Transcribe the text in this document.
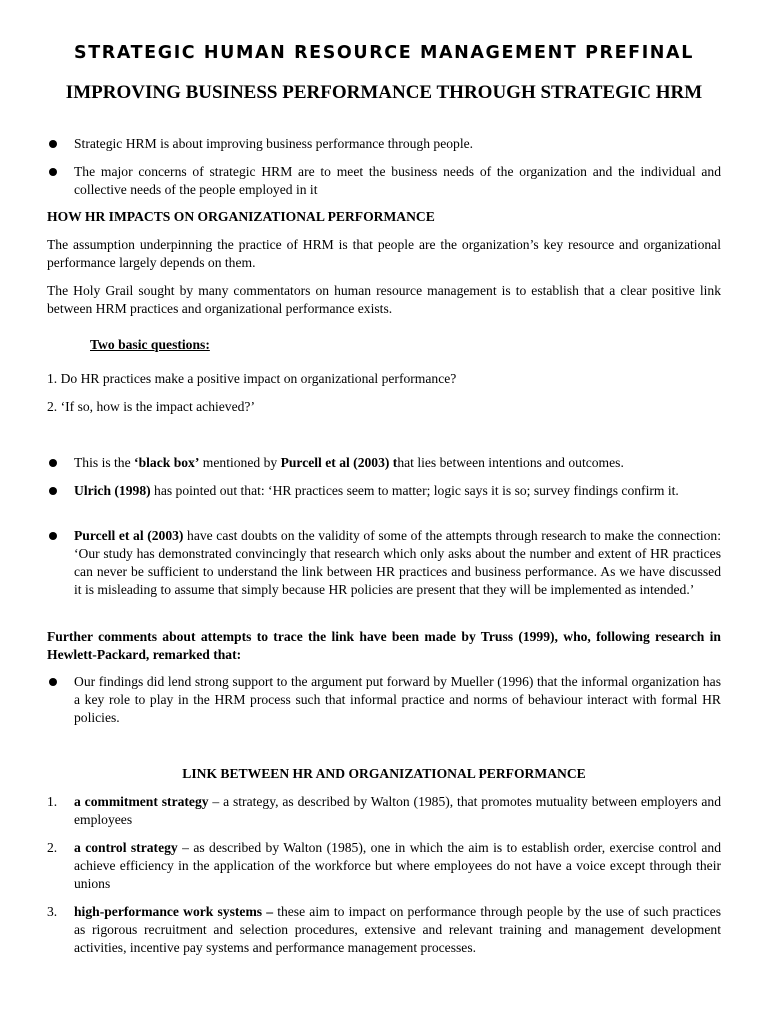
STRATEGIC HUMAN RESOURCE MANAGEMENT PREFINAL
IMPROVING BUSINESS PERFORMANCE THROUGH STRATEGIC HRM
Strategic HRM is about improving business performance through people.
The major concerns of strategic HRM are to meet the business needs of the organization and the individual and collective needs of the people employed in it
HOW HR IMPACTS ON ORGANIZATIONAL PERFORMANCE

The assumption underpinning the practice of HRM is that people are the organization’s key resource and organizational performance largely depends on them.

The Holy Grail sought by many commentators on human resource management is to establish that a clear positive link between HRM practices and organizational performance exists.

Two basic questions:
1. Do HR practices make a positive impact on organizational performance?
2. ‘If so, how is the impact achieved?’
This is the ‘black box’ mentioned by Purcell et al (2003) that lies between intentions and outcomes.
Ulrich (1998) has pointed out that: ‘HR practices seem to matter; logic says it is so; survey findings confirm it.
Purcell et al (2003) have cast doubts on the validity of some of the attempts through research to make the connection: ‘Our study has demonstrated convincingly that research which only asks about the number and extent of HR practices can never be sufficient to understand the link between HR practices and business performance. As we have discussed it is misleading to assume that simply because HR policies are present that they will be implemented as intended.’
Further comments about attempts to trace the link have been made by Truss (1999), who, following research in Hewlett-Packard, remarked that:
Our findings did lend strong support to the argument put forward by Mueller (1996) that the informal organization has a key role to play in the HRM process such that informal practice and norms of behaviour interact with formal HR policies.
LINK BETWEEN HR AND ORGANIZATIONAL PERFORMANCE
1. a commitment strategy – a strategy, as described by Walton (1985), that promotes mutuality between employers and employees
2. a control strategy – as described by Walton (1985), one in which the aim is to establish order, exercise control and achieve efficiency in the application of the workforce but where employees do not have a voice except through their unions
3. high-performance work systems – these aim to impact on performance through people by the use of such practices as rigorous recruitment and selection procedures, extensive and relevant training and management development activities, incentive pay systems and performance management processes.
